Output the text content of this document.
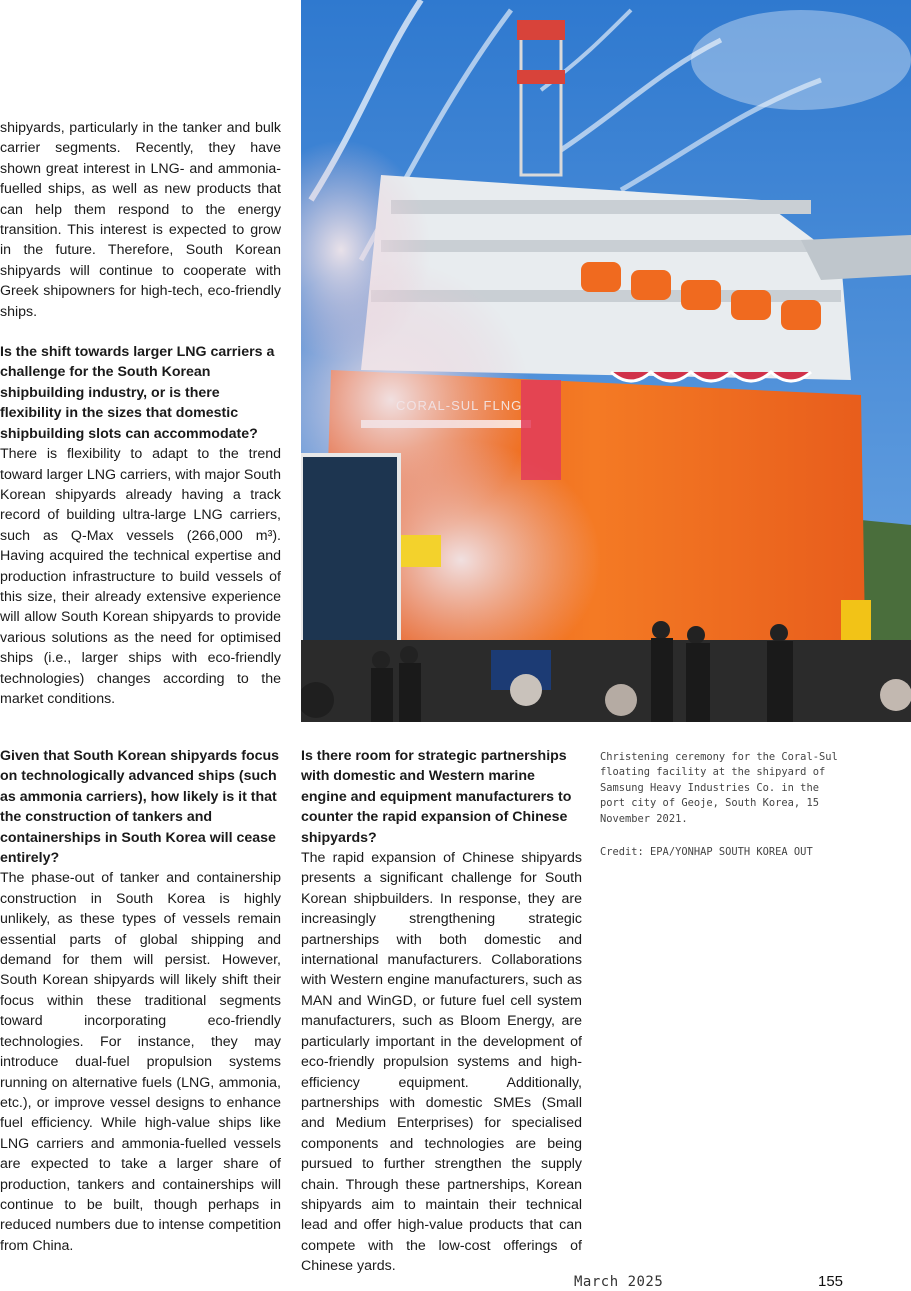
shipyards, particularly in the tanker and bulk carrier segments. Recently, they have shown great interest in LNG- and ammonia-fuelled ships, as well as new products that can help them respond to the energy transition. This interest is expected to grow in the future. Therefore, South Korean shipyards will continue to cooperate with Greek shipowners for high-tech, eco-friendly ships.

Is the shift towards larger LNG carriers a challenge for the South Korean shipbuilding industry, or is there flexibility in the sizes that domestic shipbuilding slots can accommodate?

There is flexibility to adapt to the trend toward larger LNG carriers, with major South Korean shipyards already having a track record of building ultra-large LNG carriers, such as Q-Max vessels (266,000 m³). Having acquired the technical expertise and production infrastructure to build vessels of this size, their already extensive experience will allow South Korean shipyards to provide various solutions as the need for optimised ships (i.e., larger ships with eco-friendly technologies) changes according to the market conditions.

Given that South Korean shipyards focus on technologically advanced ships (such as ammonia carriers), how likely is it that the construction of tankers and containerships in South Korea will cease entirely?

The phase-out of tanker and containership construction in South Korea is highly unlikely, as these types of vessels remain essential parts of global shipping and demand for them will persist. However, South Korean shipyards will likely shift their focus within these traditional segments toward incorporating eco-friendly technologies. For instance, they may introduce dual-fuel propulsion systems running on alternative fuels (LNG, ammonia, etc.), or improve vessel designs to enhance fuel efficiency. While high-value ships like LNG carriers and ammonia-fuelled vessels are expected to take a larger share of production, tankers and containerships will continue to be built, though perhaps in reduced numbers due to intense competition from China.

Is there room for strategic partnerships with domestic and Western marine engine and equipment manufacturers to counter the rapid expansion of Chinese shipyards?

The rapid expansion of Chinese shipyards presents a significant challenge for South Korean shipbuilders. In response, they are increasingly strengthening strategic partnerships with both domestic and international manufacturers. Collaborations with Western engine manufacturers, such as MAN and WinGD, or future fuel cell system manufacturers, such as Bloom Energy, are particularly important in the development of eco-friendly propulsion systems and high-efficiency equipment. Additionally, partnerships with domestic SMEs (Small and Medium Enterprises) for specialised components and technologies are being pursued to further strengthen the supply chain. Through these partnerships, Korean shipyards aim to maintain their technical lead and offer high-value products that can compete with the low-cost offerings of Chinese yards.

Christening ceremony for the Coral-Sul floating facility at the shipyard of Samsung Heavy Industries Co. in the port city of Geoje, South Korea, 15 November 2021.

Credit: EPA/YONHAP SOUTH KOREA OUT

March 2025	155
